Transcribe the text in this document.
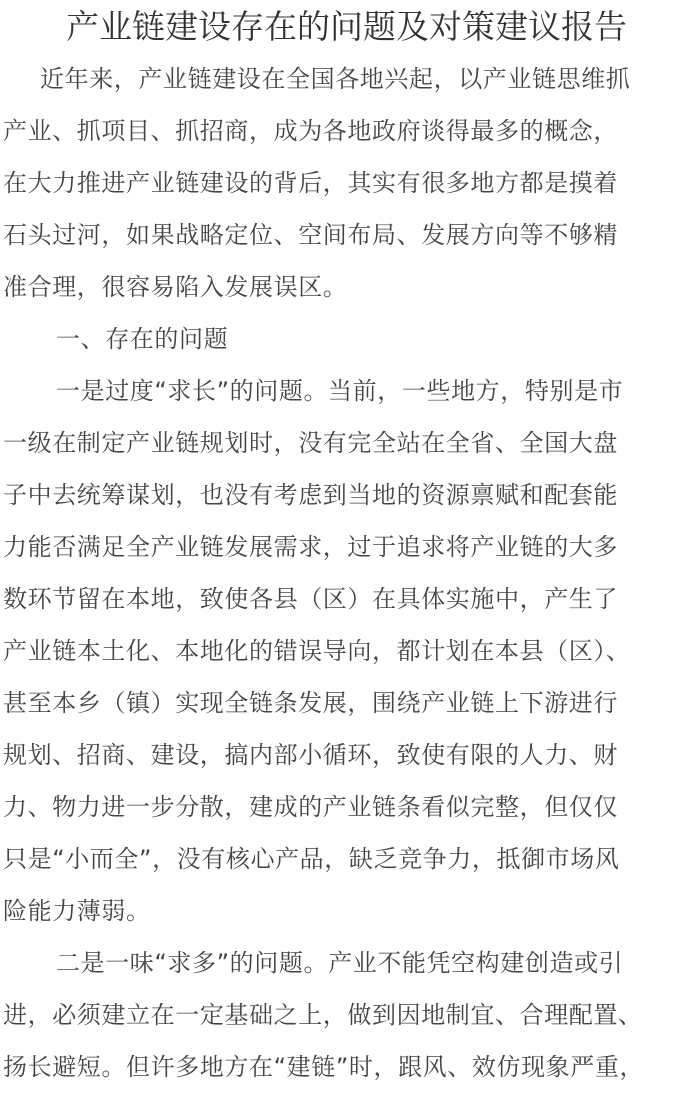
产业链建设存在的问题及对策建议报告
近年来，产业链建设在全国各地兴起，以产业链思维抓
产业、抓项目、抓招商，成为各地政府谈得最多的概念，
在大力推进产业链建设的背后，其实有很多地方都是摸着
石头过河，如果战略定位、空间布局、发展方向等不够精
准合理，很容易陷入发展误区。
一、存在的问题
一是过度“求长”的问题。当前，一些地方，特别是市
一级在制定产业链规划时，没有完全站在全省、全国大盘
子中去统筹谋划，也没有考虑到当地的资源禀赋和配套能
力能否满足全产业链发展需求，过于追求将产业链的大多
数环节留在本地，致使各县（区）在具体实施中，产生了
产业链本土化、本地化的错误导向，都计划在本县（区）、
甚至本乡（镇）实现全链条发展，围绕产业链上下游进行
规划、招商、建设，搞内部小循环，致使有限的人力、财
力、物力进一步分散，建成的产业链条看似完整，但仅仅
只是“小而全”，没有核心产品，缺乏竞争力，抵御市场风
险能力薄弱。
二是一味“求多”的问题。产业不能凭空构建创造或引
进，必须建立在一定基础之上，做到因地制宜、合理配置、
扬长避短。但许多地方在“建链”时，跟风、效仿现象严重，
